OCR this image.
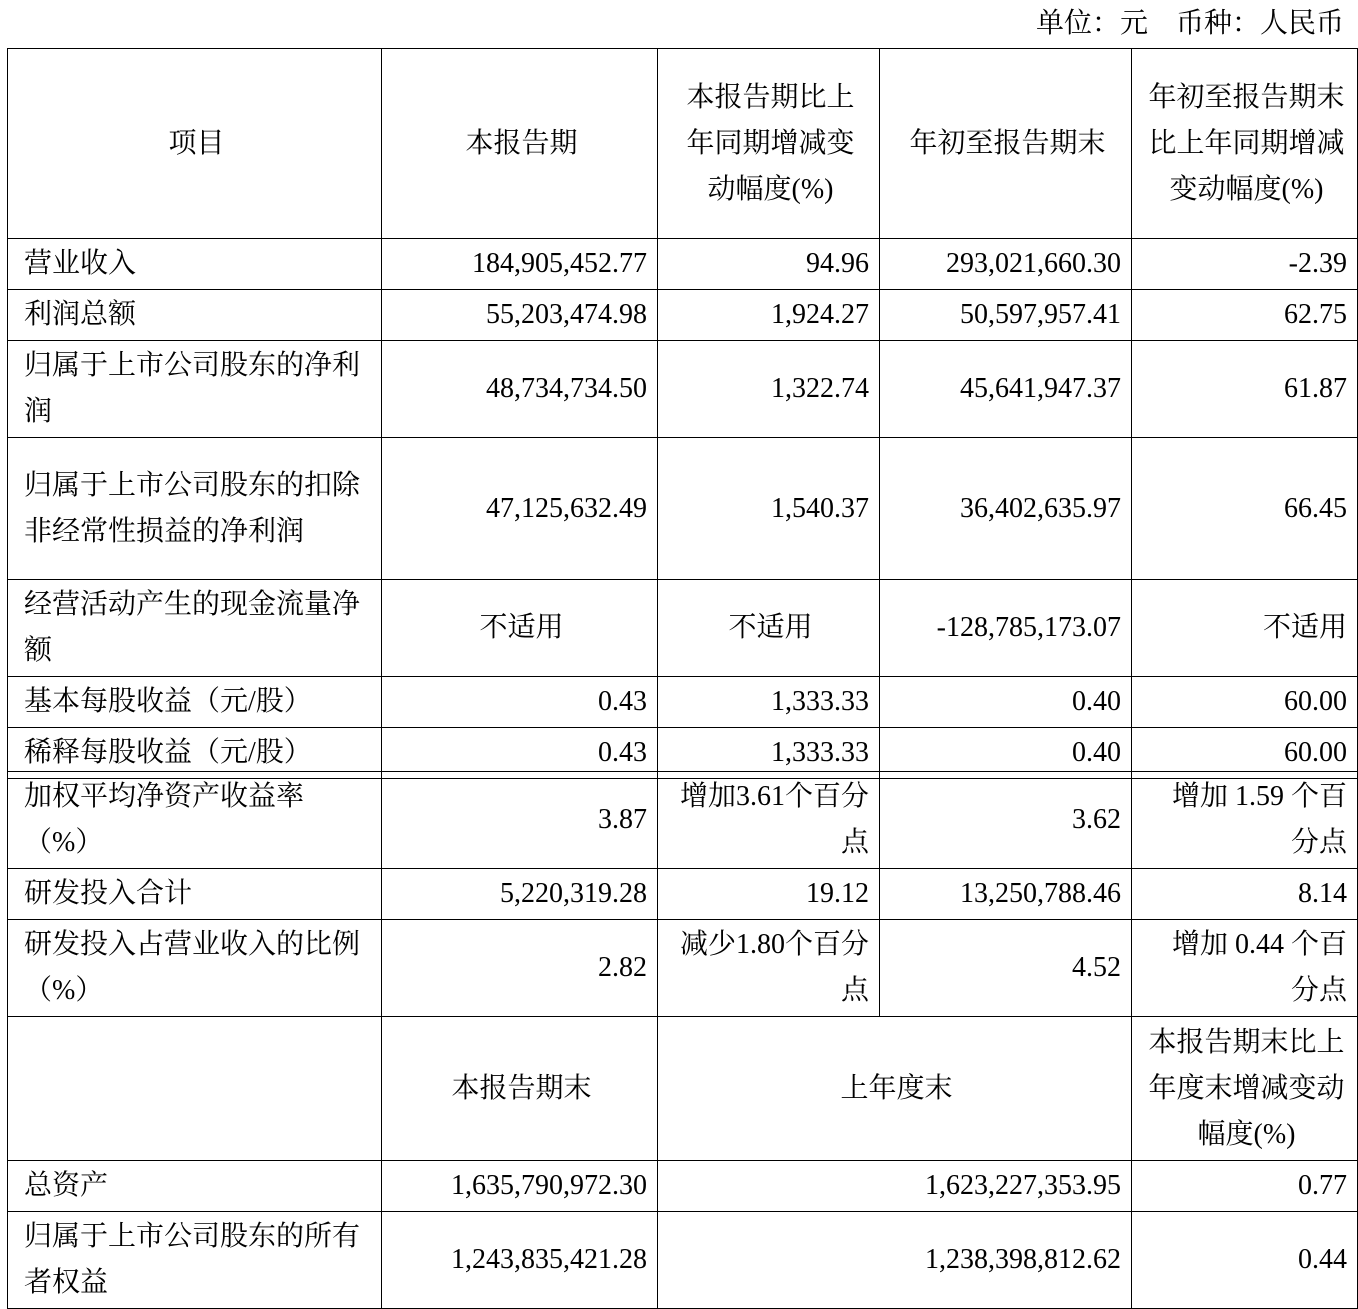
单位：元    币种：人民币
项目	本报告期	本报告期比上年同期增减变动幅度(%)	年初至报告期末	年初至报告期末比上年同期增减变动幅度(%)
营业收入	184,905,452.77	94.96	293,021,660.30	-2.39
利润总额	55,203,474.98	1,924.27	50,597,957.41	62.75
归属于上市公司股东的净利润	48,734,734.50	1,322.74	45,641,947.37	61.87
归属于上市公司股东的扣除非经常性损益的净利润	47,125,632.49	1,540.37	36,402,635.97	66.45
经营活动产生的现金流量净额	不适用	不适用	-128,785,173.07	不适用
基本每股收益（元/股）	0.43	1,333.33	0.40	60.00
稀释每股收益（元/股）	0.43	1,333.33	0.40	60.00
加权平均净资产收益率（%）	3.87	增加3.61个百分点	3.62	增加 1.59 个百分点
研发投入合计	5,220,319.28	19.12	13,250,788.46	8.14
研发投入占营业收入的比例（%）	2.82	减少1.80个百分点	4.52	增加 0.44 个百分点
	本报告期末	上年度末		本报告期末比上年度末增减变动幅度(%)
总资产	1,635,790,972.30	1,623,227,353.95		0.77
归属于上市公司股东的所有者权益	1,243,835,421.28	1,238,398,812.62		0.44
